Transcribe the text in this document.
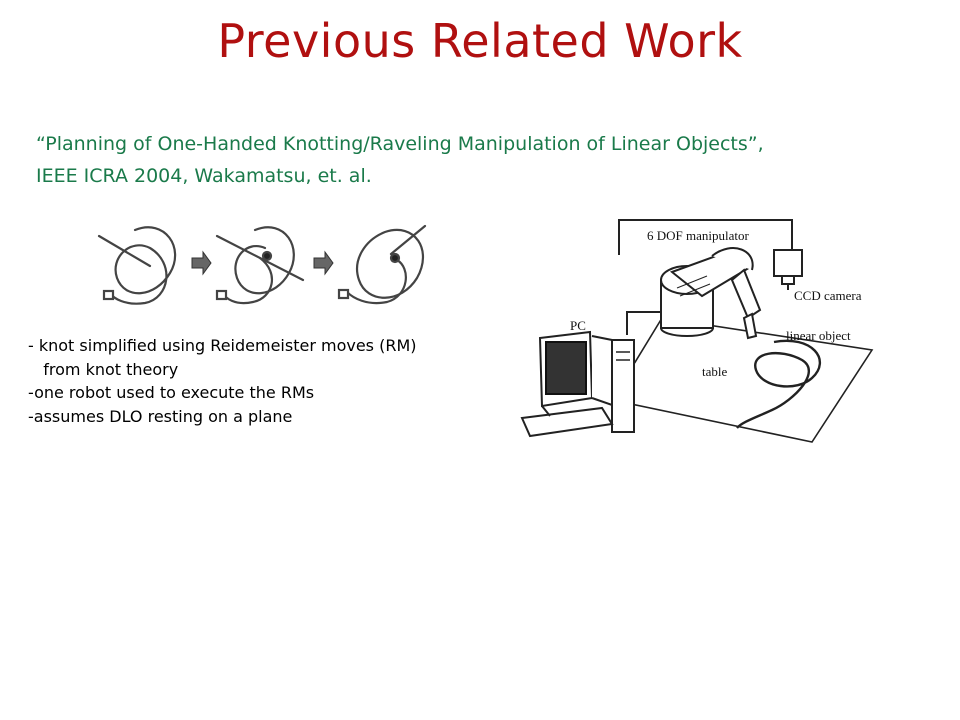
Previous Related Work
“Planning of One-Handed Knotting/Raveling Manipulation of Linear Objects”,
IEEE ICRA 2004, Wakamatsu, et. al.
- knot simplified using Reidemeister moves (RM)
from knot theory
-one robot used to execute the RMs
-assumes DLO resting on a plane
6 DOF manipulator
CCD camera
PC
linear object
table
